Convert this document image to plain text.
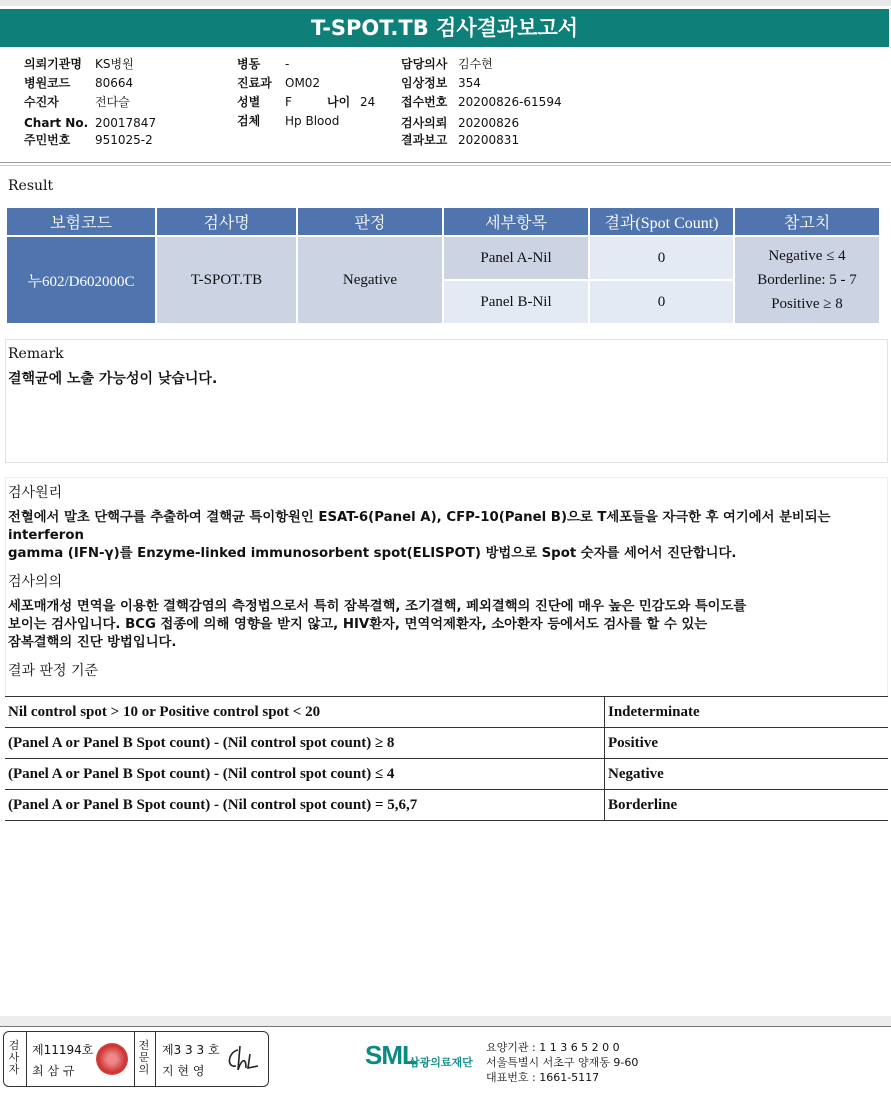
T-SPOT.TB 검사결과보고서
의뢰기관명 KS병원
병원코드 80664
수진자	전다슬
Chart No. 20017847
주민번호 951025-2
병동 -
진료과 OM02
성별 F	나이 24
검체 Hp Blood
담당의사 김수현
임상정보 354
접수번호 20200826-61594
검사의뢰 20200826
결과보고 20200831
Result
보험코드	검사명	판정	세부항목	결과(Spot Count)	참고치
누602/D602000C	T-SPOT.TB	Negative	Panel A-Nil	0	Negative ≤ 4
Borderline: 5 - 7
Positive ≥ 8

			Panel B-Nil	0	
Remark
결핵균에 노출 가능성이 낮습니다.
검사원리
전혈에서 말초 단핵구를 추출하여 결핵균 특이항원인 ESAT-6(Panel A), CFP-10(Panel B)으로 T세포들을 자극한 후 여기에서 분비되는
interferon
gamma (IFN-γ)를 Enzyme-linked immunosorbent spot(ELISPOT) 방법으로 Spot 숫자를 세어서 진단합니다.
검사의의
세포매개성 면역을 이용한 결핵감염의 측정법으로서 특히 잠복결핵, 조기결핵, 페외결핵의 진단에 매우 높은 민감도와 특이도를
보이는 검사입니다. BCG 접종에 의해 영향을 받지 않고, HIV환자, 면역억제환자, 소아환자 등에서도 검사를 할 수 있는
잠복결핵의 진단 방법입니다.
결과 판정 기준
Nil control spot > 10 or Positive control spot < 20	Indeterminate
(Panel A or Panel B Spot count) - (Nil control spot count) ≥ 8	Positive
(Panel A or Panel B Spot count) - (Nil control spot count) ≤ 4	Negative
(Panel A or Panel B Spot count) - (Nil control spot count) = 5,6,7	Borderline
검
사
자
제11194호
최 삼 규
전
문
의
제3 3 3 호
지 현 영
SML
삼광의료재단
요양기관 : 1 1 3 6 5 2 0 0
서울특별시 서초구 양재동 9-60
대표번호 : 1661-5117
